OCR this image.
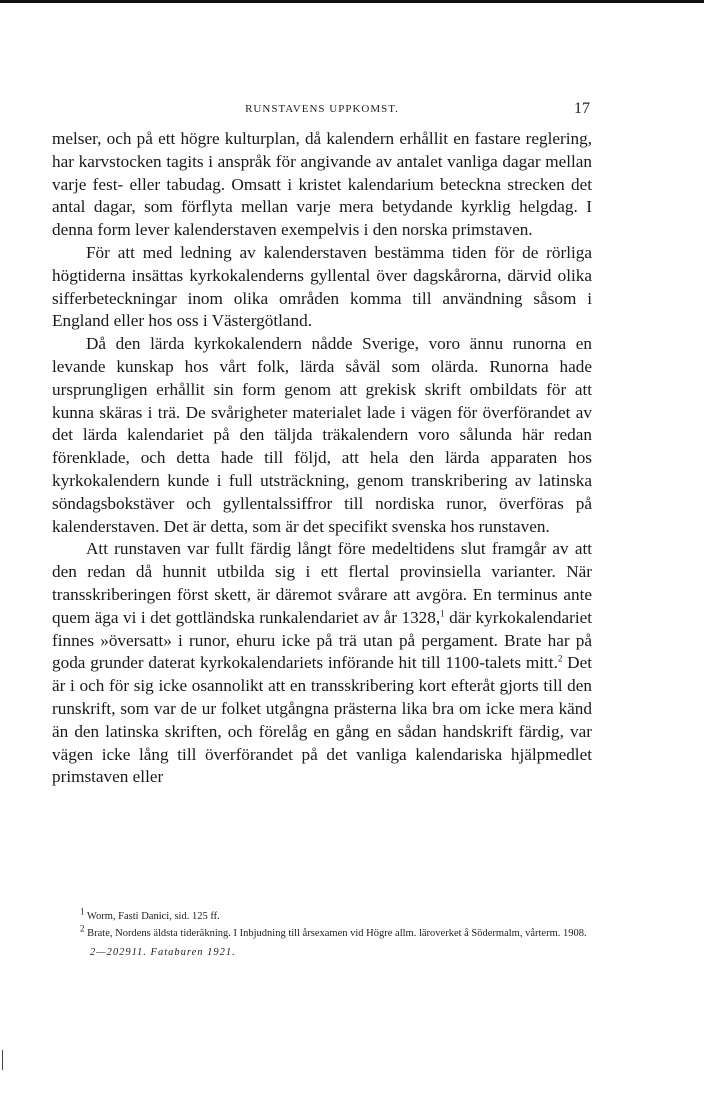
RUNSTAVENS UPPKOMST.	17

melser, och på ett högre kulturplan, då kalendern erhållit en fastare reglering, har karvstocken tagits i anspråk för angivande av antalet vanliga dagar mellan varje fest- eller tabudag. Omsatt i kristet kalendarium beteckna strecken det antal dagar, som förflyta mellan varje mera betydande kyrklig helgdag. I denna form lever kalenderstaven exempelvis i den norska primstaven.

För att med ledning av kalenderstaven bestämma tiden för de rörliga högtiderna insättas kyrkokalenderns gyllental över dagskårorna, därvid olika sifferbeteckningar inom olika områden komma till användning såsom i England eller hos oss i Västergötland.

Då den lärda kyrkokalendern nådde Sverige, voro ännu runorna en levande kunskap hos vårt folk, lärda såväl som olärda. Runorna hade ursprungligen erhållit sin form genom att grekisk skrift ombildats för att kunna skäras i trä. De svårigheter materialet lade i vägen för överförandet av det lärda kalendariet på den täljda träkalendern voro sålunda här redan förenklade, och detta hade till följd, att hela den lärda apparaten hos kyrkokalendern kunde i full utsträckning, genom transkribering av latinska söndagsbokstäver och gyllentalssiffror till nordiska runor, överföras på kalenderstaven. Det är detta, som är det specifikt svenska hos runstaven.

Att runstaven var fullt färdig långt före medeltidens slut framgår av att den redan då hunnit utbilda sig i ett flertal provinsiella varianter. När transskriberingen först skett, är däremot svårare att avgöra. En terminus ante quem äga vi i det gottländska runkalendariet av år 1328,$^1$ där kyrkokalendariet finnes »översatt» i runor, ehuru icke på trä utan på pergament. Brate har på goda grunder daterat kyrkokalendariets införande hit till 1100-talets mitt.$^2$ Det är i och för sig icke osannolikt att en transskribering kort efteråt gjorts till den runskrift, som var de ur folket utgångna prästerna lika bra om icke mera känd än den latinska skriften, och förelåg en gång en sådan handskrift färdig, var vägen icke lång till överförandet på det vanliga kalendariska hjälpmedlet primstaven eller

$^1$ Worm, Fasti Danici, sid. 125 ff.

$^2$ Brate, Nordens äldsta tideräkning. I Inbjudning till årsexamen vid Högre allm. läroverket å Södermalm, vårterm. 1908.

2—202911. Fataburen 1921.
